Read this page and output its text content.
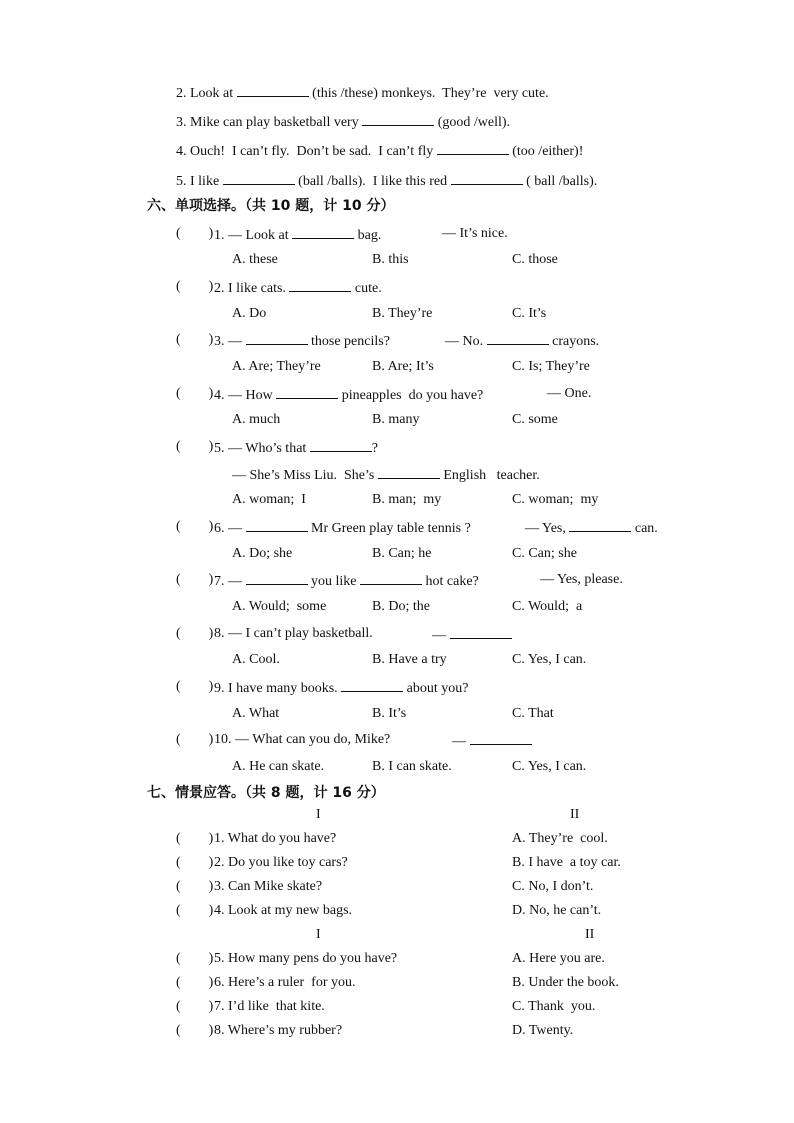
2. Look at	(this /these) monkeys.  They’re  very cute.
3. Mike can play basketball very	(good /well).
4. Ouch!  I can’t fly.  Don’t be sad.  I can’t fly	(too /either)!
5. I like	(ball /balls).  I like this red	( ball /balls).
六、单项选择。（共 10 题，计 10 分）
(        ) 1. — Look at	bag.	— It’s nice.
A. these	B. this	C. those
(        ) 2. I like cats.	cute.
A. Do	B. They’re	C. It’s
(        ) 3. —	those pencils?	— No.	crayons.
A. Are; They’re	B. Are; It’s	C. Is; They’re
(        ) 4. — How	pineapples  do you have?	— One.
A. much	B. many	C. some
(        ) 5. — Who’s that	?
— She’s Miss Liu.  She’s	English   teacher.
A. woman;  I	B. man;  my	C. woman;  my
(        ) 6. —	Mr Green play table tennis ?	— Yes,	can.
A. Do; she	B. Can; he	C. Can; she
(        ) 7. —	you like	hot cake?	— Yes, please.
A. Would;  some	B. Do; the	C. Would;  a
(        ) 8. — I can’t play basketball.	—
A. Cool.	B. Have a try	C. Yes, I can.
(        ) 9. I have many books.	about you?
A. What	B. It’s	C. That
(        ) 10. — What can you do, Mike?	—
A. He can skate.	B. I can skate.	C. Yes, I can.
七、情景应答。（共 8 题，计 16 分）
I	II
(        ) 1. What do you have?	A. They’re  cool.
(        ) 2. Do you like toy cars?	B. I have  a toy car.
(        ) 3. Can Mike skate?	C. No, I don’t.
(        ) 4. Look at my new bags.	D. No, he can’t.
I	II
(        ) 5. How many pens do you have?	A. Here you are.
(        ) 6. Here’s a ruler  for you.	B. Under the book.
(        ) 7. I’d like  that kite.	C. Thank  you.
(        ) 8. Where’s my rubber?	D. Twenty.
